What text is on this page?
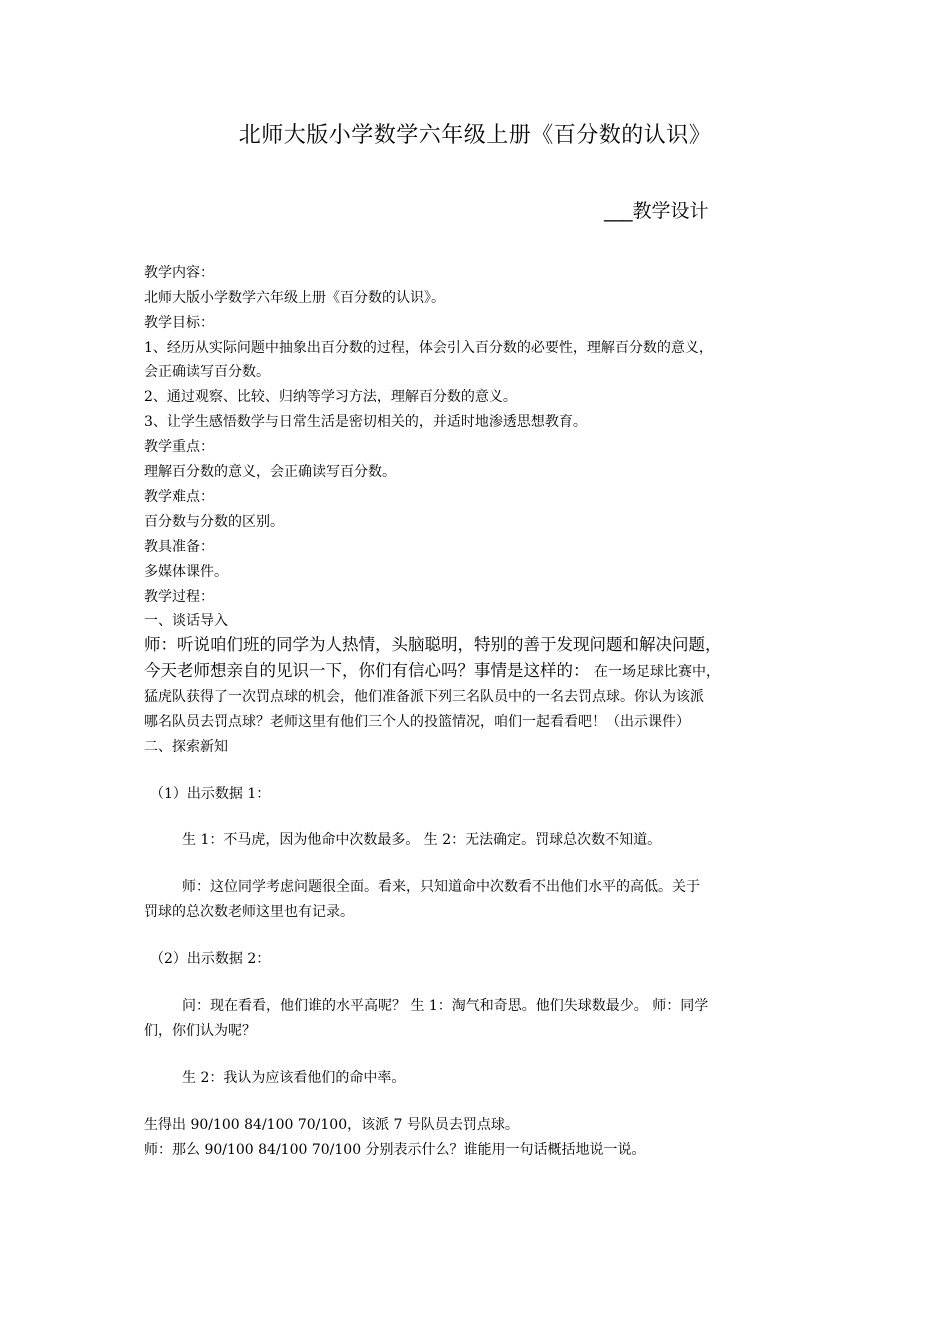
北师大版小学数学六年级上册《百分数的认识》
___教学设计
教学内容：
北师大版小学数学六年级上册《百分数的认识》。
教学目标：
1、经历从实际问题中抽象出百分数的过程，体会引入百分数的必要性，理解百分数的意义，
会正确读写百分数。
2、通过观察、比较、归纳等学习方法，理解百分数的意义。
3、让学生感悟数学与日常生活是密切相关的，并适时地渗透思想教育。
教学重点：
理解百分数的意义，会正确读写百分数。
教学难点：
百分数与分数的区别。
教具准备：
多媒体课件。
教学过程：
一、谈话导入
师：听说咱们班的同学为人热情，头脑聪明，特别的善于发现问题和解决问题，
今天老师想亲自的见识一下，你们有信心吗？事情是这样的： 在一场足球比赛中，
猛虎队获得了一次罚点球的机会，他们准备派下列三名队员中的一名去罚点球。你认为该派
哪名队员去罚点球？老师这里有他们三个人的投篮情况，咱们一起看看吧！（出示课件）
二、探索新知
（1）出示数据 1：
生 1：不马虎，因为他命中次数最多。 生 2：无法确定。罚球总次数不知道。
师：这位同学考虑问题很全面。看来，只知道命中次数看不出他们水平的高低。关于
罚球的总次数老师这里也有记录。
（2）出示数据 2：
问：现在看看，他们谁的水平高呢？ 生 1：淘气和奇思。他们失球数最少。 师：同学
们，你们认为呢？
生 2：我认为应该看他们的命中率。
生得出 90/100 84/100 70/100，该派 7 号队员去罚点球。
师：那么 90/100 84/100 70/100 分别表示什么？谁能用一句话概括地说一说。
